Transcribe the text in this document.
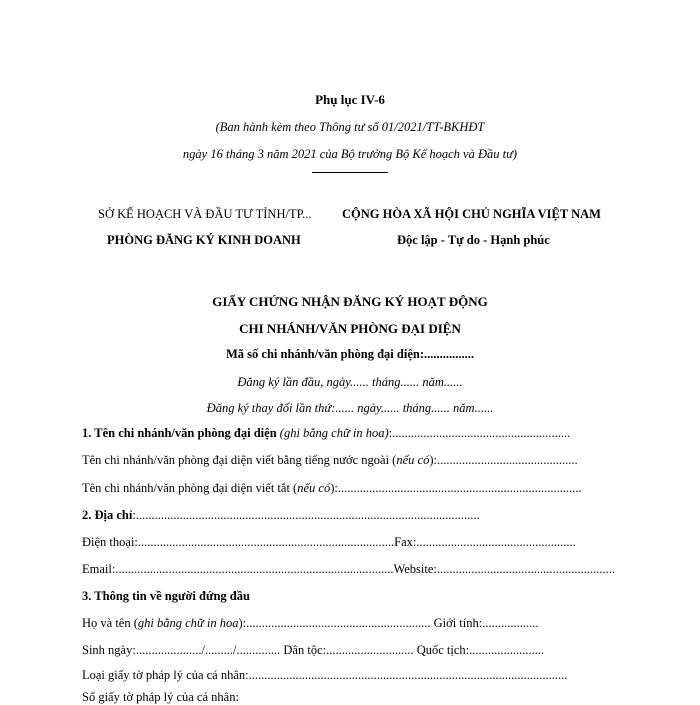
Phụ lục IV-6
(Ban hành kèm theo Thông tư số 01/2021/TT-BKHĐT
ngày 16 tháng 3 năm 2021 của Bộ trưởng Bộ Kế hoạch và Đầu tư)
SỞ KẾ HOẠCH VÀ ĐẦU TƯ TỈNH/TP...
PHÒNG ĐĂNG KÝ KINH DOANH
CỘNG HÒA XÃ HỘI CHỦ NGHĨA VIỆT NAM
Độc lập - Tự do - Hạnh phúc
GIẤY CHỨNG NHẬN ĐĂNG KÝ HOẠT ĐỘNG
CHI NHÁNH/VĂN PHÒNG ĐẠI DIỆN
Mã số chi nhánh/văn phòng đại diện:................
Đăng ký lần đầu, ngày...... tháng...... năm......
Đăng ký thay đổi lần thứ:...... ngày...... tháng...... năm......
1. Tên chi nhánh/văn phòng đại diện (ghi bằng chữ in hoa):.........................................................
Tên chi nhánh/văn phòng đại diện viết bằng tiếng nước ngoài (nếu có):.............................................
Tên chi nhánh/văn phòng đại diện viết tắt (nếu có):..............................................................................
2. Địa chỉ:..............................................................................................................
Điện thoại:..................................................................................Fax:...................................................
Email:.........................................................................................Website:.........................................................
3. Thông tin về người đứng đầu
Họ và tên (ghi bằng chữ in hoa):........................................................... Giới tính:..................
Sinh ngày:...................../........./.............. Dân tộc:............................ Quốc tịch:........................
Loại giấy tờ pháp lý của cá nhân:......................................................................................................
Số giấy tờ pháp lý của cá nhân:
